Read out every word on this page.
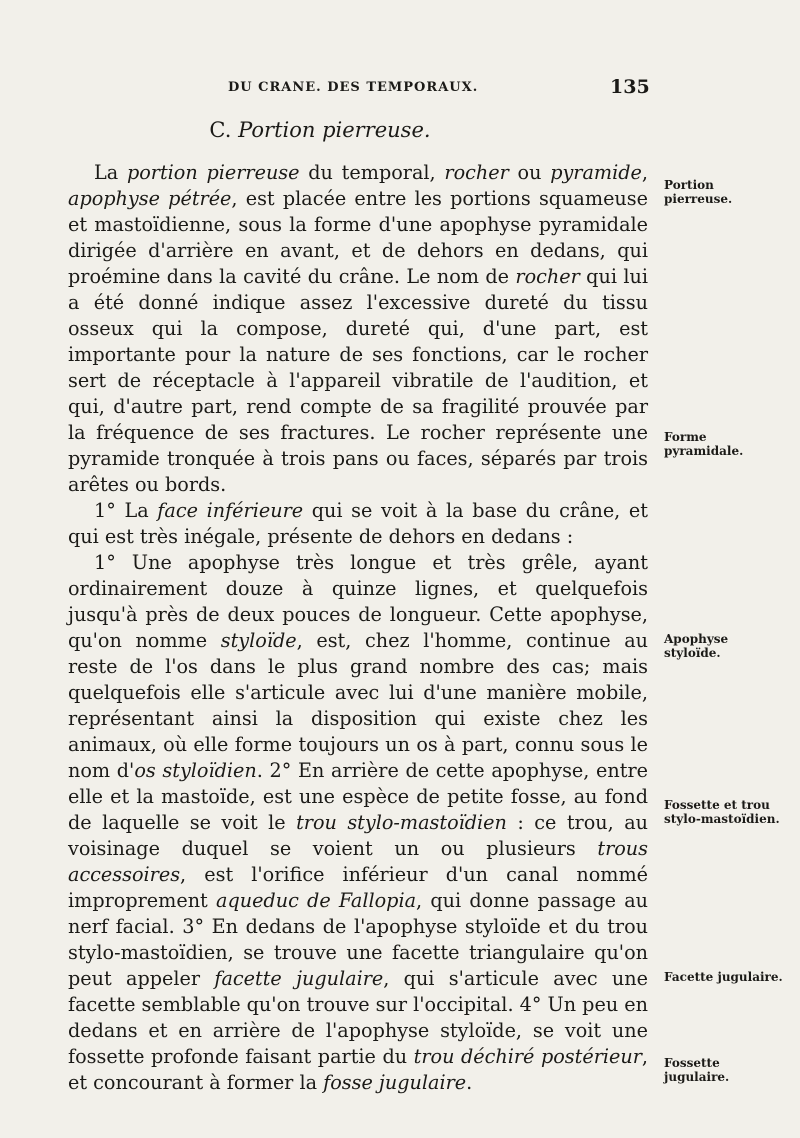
DU CRANE. DES TEMPORAUX.	135
C. Portion pierreuse.

La portion pierreuse du temporal, rocher ou pyramide, apophyse pétrée, est placée entre les portions squameuse et mastoïdienne, sous la forme d'une apophyse pyramidale dirigée d'arrière en avant, et de dehors en dedans, qui proémine dans la cavité du crâne. Le nom de rocher qui lui a été donné indique assez l'excessive dureté du tissu osseux qui la compose, dureté qui, d'une part, est importante pour la nature de ses fonctions, car le rocher sert de réceptacle à l'appareil vibratile de l'audition, et qui, d'autre part, rend compte de sa fragilité prouvée par la fréquence de ses fractures. Le rocher représente une pyramide tronquée à trois pans ou faces, séparés par trois arêtes ou bords.

1° La face inférieure qui se voit à la base du crâne, et qui est très inégale, présente de dehors en dedans :

1° Une apophyse très longue et très grêle, ayant ordinairement douze à quinze lignes, et quelquefois jusqu'à près de deux pouces de longueur. Cette apophyse, qu'on nomme styloïde, est, chez l'homme, continue au reste de l'os dans le plus grand nombre des cas; mais quelquefois elle s'articule avec lui d'une manière mobile, représentant ainsi la disposition qui existe chez les animaux, où elle forme toujours un os à part, connu sous le nom d'os styloïdien. 2° En arrière de cette apophyse, entre elle et la mastoïde, est une espèce de petite fosse, au fond de laquelle se voit le trou stylo-mastoïdien : ce trou, au voisinage duquel se voient un ou plusieurs trous accessoires, est l'orifice inférieur d'un canal nommé improprement aqueduc de Fallopia, qui donne passage au nerf facial. 3° En dedans de l'apophyse styloïde et du trou stylo-mastoïdien, se trouve une facette triangulaire qu'on peut appeler facette jugulaire, qui s'articule avec une facette semblable qu'on trouve sur l'occipital. 4° Un peu en dedans et en arrière de l'apophyse styloïde, se voit une fossette profonde faisant partie du trou déchiré postérieur, et concourant à former la fosse jugulaire.

Portion pierreuse.
Forme pyramidale.
Apophyse styloïde.
Fossette et trou stylo-mastoïdien.
Facette jugulaire.
Fossette jugulaire.
